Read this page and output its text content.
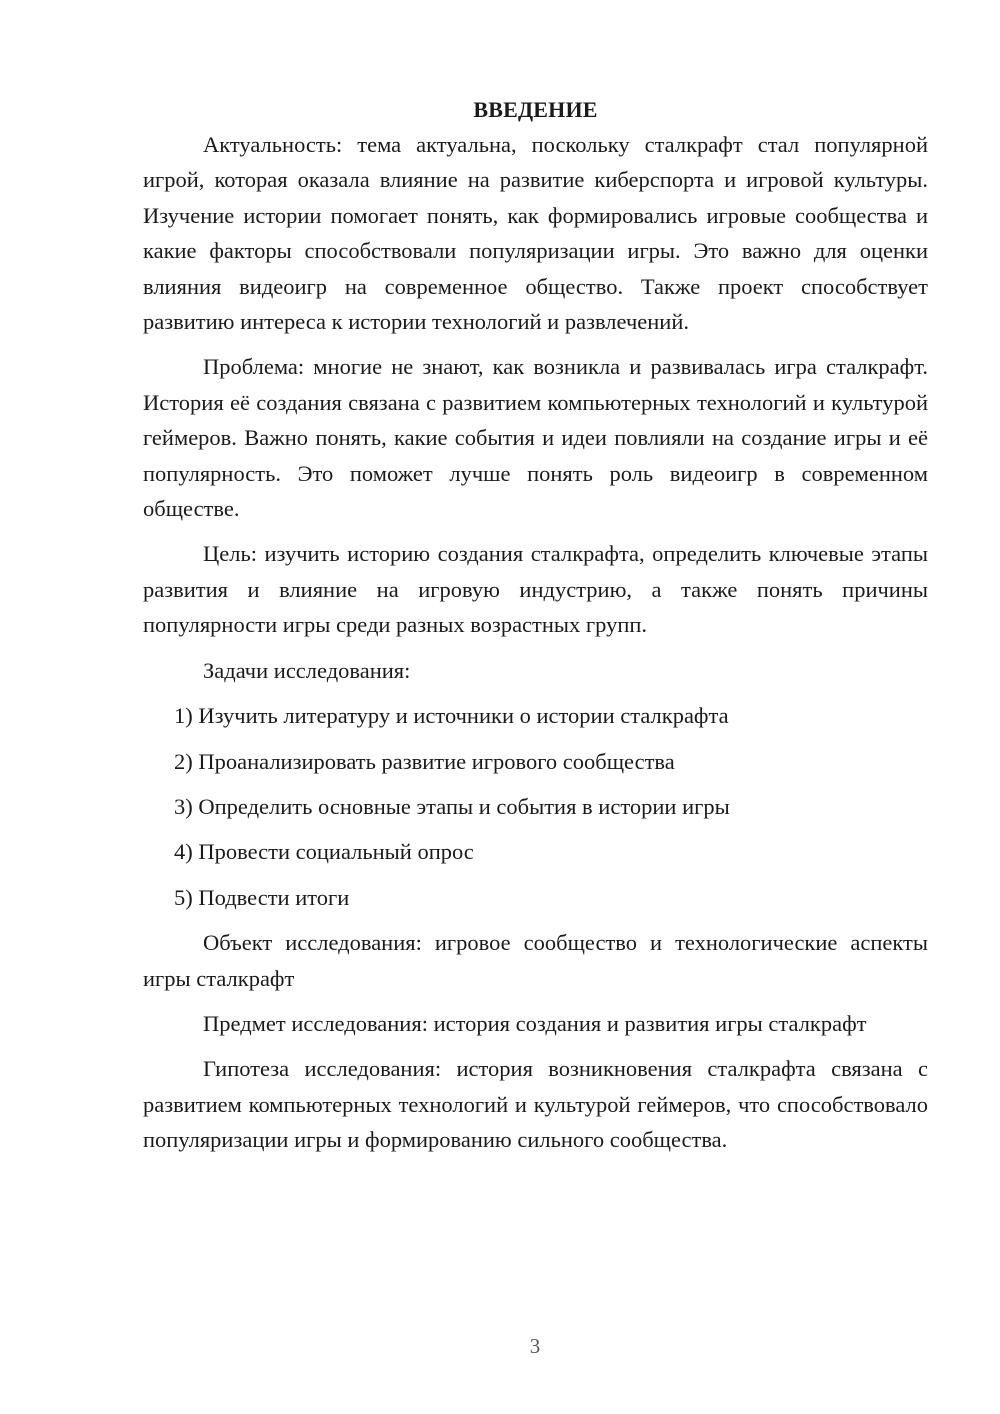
ВВЕДЕНИЕ

Актуальность: тема актуальна, поскольку сталкрафт стал популярной игрой, которая оказала влияние на развитие киберспорта и игровой культуры. Изучение истории помогает понять, как формировались игровые сообщества и какие факторы способствовали популяризации игры. Это важно для оценки влияния видеоигр на современное общество. Также проект способствует развитию интереса к истории технологий и развлечений.

Проблема: многие не знают, как возникла и развивалась игра сталкрафт. История её создания связана с развитием компьютерных технологий и культурой геймеров. Важно понять, какие события и идеи повлияли на создание игры и её популярность. Это поможет лучше понять роль видеоигр в современном обществе.

Цель: изучить историю создания сталкрафта, определить ключевые этапы развития и влияние на игровую индустрию, а также понять причины популярности игры среди разных возрастных групп.

Задачи исследования:

1) Изучить литературу и источники о истории сталкрафта

2) Проанализировать развитие игрового сообщества

3) Определить основные этапы и события в истории игры

4) Провести социальный опрос

5) Подвести итоги

Объект исследования: игровое сообщество и технологические аспекты игры сталкрафт

Предмет исследования: история создания и развития игры сталкрафт

Гипотеза исследования: история возникновения сталкрафта связана с развитием компьютерных технологий и культурой геймеров, что способствовало популяризации игры и формированию сильного сообщества.

3
